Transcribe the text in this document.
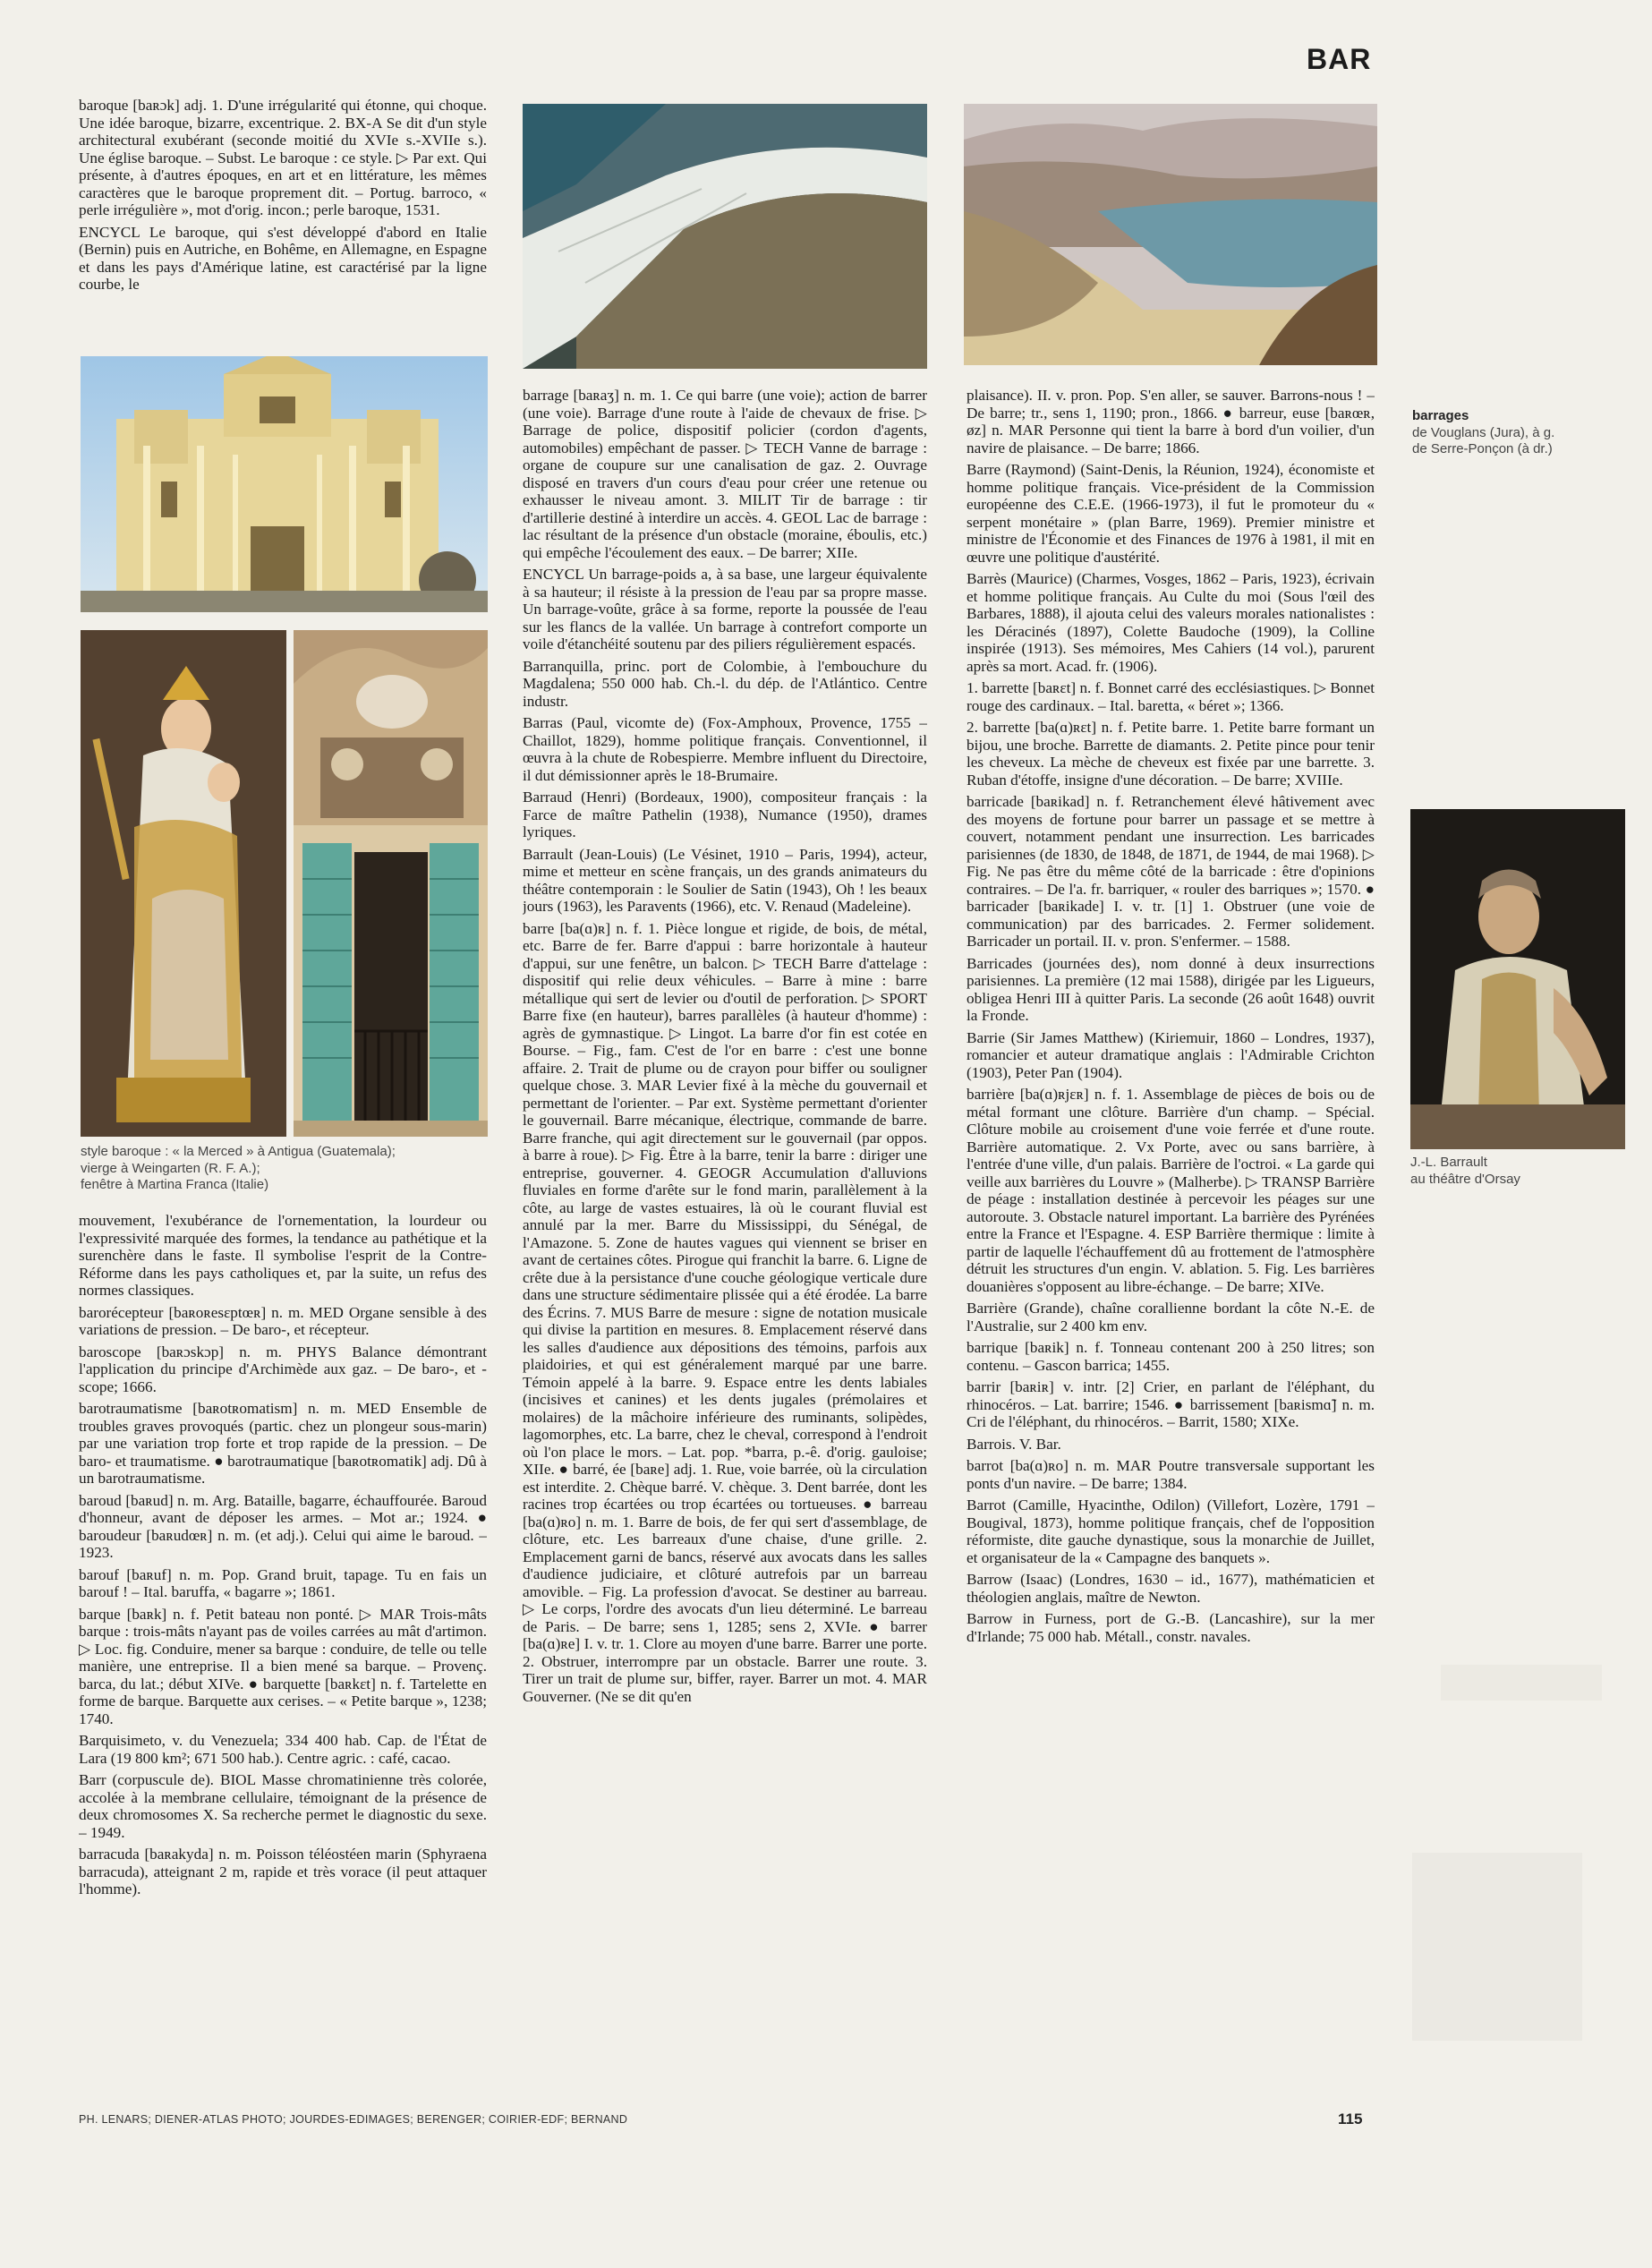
BAR

baroque [baʀɔk] adj. 1. D'une irrégularité qui étonne, qui choque. Une idée baroque, bizarre, excentrique. 2. BX-A Se dit d'un style architectural exubérant (seconde moitié du XVIe s.-XVIIe s.). Une église baroque. – Subst. Le baroque : ce style. ▷ Par ext. Qui présente, à d'autres époques, en art et en littérature, les mêmes caractères que le baroque proprement dit. – Portug. barroco, « perle irrégulière », mot d'orig. incon.; perle baroque, 1531.

ENCYCL Le baroque, qui s'est développé d'abord en Italie (Bernin) puis en Autriche, en Bohême, en Allemagne, en Espagne et dans les pays d'Amérique latine, est caractérisé par la ligne courbe, le

style baroque : « la Merced » à Antigua (Guatemala);
vierge à Weingarten (R. F. A.);
fenêtre à Martina Franca (Italie)

mouvement, l'exubérance de l'ornementation, la lourdeur ou l'expressivité marquée des formes, la tendance au pathétique et la surenchère dans le faste. Il symbolise l'esprit de la Contre-Réforme dans les pays catholiques et, par la suite, un refus des normes classiques.

barorécepteur [baʀoʀesɛptœʀ] n. m. MED Organe sensible à des variations de pression. – De baro-, et récepteur.

baroscope [baʀɔskɔp] n. m. PHYS Balance démontrant l'application du principe d'Archimède aux gaz. – De baro-, et -scope; 1666.

barotraumatisme [baʀotʀomatism] n. m. MED Ensemble de troubles graves provoqués (partic. chez un plongeur sous-marin) par une variation trop forte et trop rapide de la pression. – De baro- et traumatisme. ● barotraumatique [baʀotʀomatik] adj. Dû à un barotraumatisme.

baroud [baʀud] n. m. Arg. Bataille, bagarre, échauffourée. Baroud d'honneur, avant de déposer les armes. – Mot ar.; 1924. ● baroudeur [baʀudœʀ] n. m. (et adj.). Celui qui aime le baroud. – 1923.

barouf [baʀuf] n. m. Pop. Grand bruit, tapage. Tu en fais un barouf ! – Ital. baruffa, « bagarre »; 1861.

barque [baʀk] n. f. Petit bateau non ponté. ▷ MAR Trois-mâts barque : trois-mâts n'ayant pas de voiles carrées au mât d'artimon. ▷ Loc. fig. Conduire, mener sa barque : conduire, de telle ou telle manière, une entreprise. Il a bien mené sa barque. – Provenç. barca, du lat.; début XIVe. ● barquette [baʀkɛt] n. f. Tartelette en forme de barque. Barquette aux cerises. – « Petite barque », 1238; 1740.

Barquisimeto, v. du Venezuela; 334 400 hab. Cap. de l'État de Lara (19 800 km²; 671 500 hab.). Centre agric. : café, cacao.

Barr (corpuscule de). BIOL Masse chromatinienne très colorée, accolée à la membrane cellulaire, témoignant de la présence de deux chromosomes X. Sa recherche permet le diagnostic du sexe. – 1949.

barracuda [baʀakyda] n. m. Poisson téléostéen marin (Sphyraena barracuda), atteignant 2 m, rapide et très vorace (il peut attaquer l'homme).

barrages
de Vouglans (Jura), à g.
de Serre-Ponçon (à dr.)

barrage [baʀaʒ] n. m. 1. Ce qui barre (une voie); action de barrer (une voie). Barrage d'une route à l'aide de chevaux de frise. ▷ Barrage de police, dispositif policier (cordon d'agents, automobiles) empêchant de passer. ▷ TECH Vanne de barrage : organe de coupure sur une canalisation de gaz. 2. Ouvrage disposé en travers d'un cours d'eau pour créer une retenue ou exhausser le niveau amont. 3. MILIT Tir de barrage : tir d'artillerie destiné à interdire un accès. 4. GEOL Lac de barrage : lac résultant de la présence d'un obstacle (moraine, éboulis, etc.) qui empêche l'écoulement des eaux. – De barrer; XIIe.

ENCYCL Un barrage-poids a, à sa base, une largeur équivalente à sa hauteur; il résiste à la pression de l'eau par sa propre masse. Un barrage-voûte, grâce à sa forme, reporte la poussée de l'eau sur les flancs de la vallée. Un barrage à contrefort comporte un voile d'étanchéité soutenu par des piliers régulièrement espacés.

Barranquilla, princ. port de Colombie, à l'embouchure du Magdalena; 550 000 hab. Ch.-l. du dép. de l'Atlántico. Centre industr.

Barras (Paul, vicomte de) (Fox-Amphoux, Provence, 1755 – Chaillot, 1829), homme politique français. Conventionnel, il œuvra à la chute de Robespierre. Membre influent du Directoire, il dut démissionner après le 18-Brumaire.

Barraud (Henri) (Bordeaux, 1900), compositeur français : la Farce de maître Pathelin (1938), Numance (1950), drames lyriques.

Barrault (Jean-Louis) (Le Vésinet, 1910 – Paris, 1994), acteur, mime et metteur en scène français, un des grands animateurs du théâtre contemporain : le Soulier de Satin (1943), Oh ! les beaux jours (1963), les Paravents (1966), etc. V. Renaud (Madeleine).

barre [ba(ɑ)ʀ] n. f. 1. Pièce longue et rigide, de bois, de métal, etc. Barre de fer. Barre d'appui : barre horizontale à hauteur d'appui, sur une fenêtre, un balcon. ▷ TECH Barre d'attelage : dispositif qui relie deux véhicules. – Barre à mine : barre métallique qui sert de levier ou d'outil de perforation. ▷ SPORT Barre fixe (en hauteur), barres parallèles (à hauteur d'homme) : agrès de gymnastique. ▷ Lingot. La barre d'or fin est cotée en Bourse. – Fig., fam. C'est de l'or en barre : c'est une bonne affaire. 2. Trait de plume ou de crayon pour biffer ou souligner quelque chose. 3. MAR Levier fixé à la mèche du gouvernail et permettant de l'orienter. – Par ext. Système permettant d'orienter le gouvernail. Barre mécanique, électrique, commande de barre. Barre franche, qui agit directement sur le gouvernail (par oppos. à barre à roue). ▷ Fig. Être à la barre, tenir la barre : diriger une entreprise, gouverner. 4. GEOGR Accumulation d'alluvions fluviales en forme d'arête sur le fond marin, parallèlement à la côte, au large de vastes estuaires, là où le courant fluvial est annulé par la mer. Barre du Mississippi, du Sénégal, de l'Amazone. 5. Zone de hautes vagues qui viennent se briser en avant de certaines côtes. Pirogue qui franchit la barre. 6. Ligne de crête due à la persistance d'une couche géologique verticale dure dans une structure sédimentaire plissée qui a été érodée. La barre des Écrins. 7. MUS Barre de mesure : signe de notation musicale qui divise la partition en mesures. 8. Emplacement réservé dans les salles d'audience aux dépositions des témoins, parfois aux plaidoiries, et qui est généralement marqué par une barre. Témoin appelé à la barre. 9. Espace entre les dents labiales (incisives et canines) et les dents jugales (prémolaires et molaires) de la mâchoire inférieure des ruminants, solipèdes, lagomorphes, etc. La barre, chez le cheval, correspond à l'endroit où l'on place le mors. – Lat. pop. *barra, p.-ê. d'orig. gauloise; XIIe. ● barré, ée [baʀe] adj. 1. Rue, voie barrée, où la circulation est interdite. 2. Chèque barré. V. chèque. 3. Dent barrée, dont les racines trop écartées ou trop écartées ou tortueuses. ● barreau [ba(ɑ)ʀo] n. m. 1. Barre de bois, de fer qui sert d'assemblage, de clôture, etc. Les barreaux d'une chaise, d'une grille. 2. Emplacement garni de bancs, réservé aux avocats dans les salles d'audience judiciaire, et clôturé autrefois par un barreau amovible. – Fig. La profession d'avocat. Se destiner au barreau. ▷ Le corps, l'ordre des avocats d'un lieu déterminé. Le barreau de Paris. – De barre; sens 1, 1285; sens 2, XVIe. ● barrer [ba(ɑ)ʀe] I. v. tr. 1. Clore au moyen d'une barre. Barrer une porte. 2. Obstruer, interrompre par un obstacle. Barrer une route. 3. Tirer un trait de plume sur, biffer, rayer. Barrer un mot. 4. MAR Gouverner. (Ne se dit qu'en

plaisance). II. v. pron. Pop. S'en aller, se sauver. Barrons-nous ! – De barre; tr., sens 1, 1190; pron., 1866. ● barreur, euse [baʀœʀ, øz] n. MAR Personne qui tient la barre à bord d'un voilier, d'un navire de plaisance. – De barre; 1866.

Barre (Raymond) (Saint-Denis, la Réunion, 1924), économiste et homme politique français. Vice-président de la Commission européenne des C.E.E. (1966-1973), il fut le promoteur du « serpent monétaire » (plan Barre, 1969). Premier ministre et ministre de l'Économie et des Finances de 1976 à 1981, il mit en œuvre une politique d'austérité.

Barrès (Maurice) (Charmes, Vosges, 1862 – Paris, 1923), écrivain et homme politique français. Au Culte du moi (Sous l'œil des Barbares, 1888), il ajouta celui des valeurs morales nationalistes : les Déracinés (1897), Colette Baudoche (1909), la Colline inspirée (1913). Ses mémoires, Mes Cahiers (14 vol.), parurent après sa mort. Acad. fr. (1906).

1. barrette [baʀɛt] n. f. Bonnet carré des ecclésiastiques. ▷ Bonnet rouge des cardinaux. – Ital. baretta, « béret »; 1366.

2. barrette [ba(ɑ)ʀɛt] n. f. Petite barre. 1. Petite barre formant un bijou, une broche. Barrette de diamants. 2. Petite pince pour tenir les cheveux. La mèche de cheveux est fixée par une barrette. 3. Ruban d'étoffe, insigne d'une décoration. – De barre; XVIIIe.

barricade [baʀikad] n. f. Retranchement élevé hâtivement avec des moyens de fortune pour barrer un passage et se mettre à couvert, notamment pendant une insurrection. Les barricades parisiennes (de 1830, de 1848, de 1871, de 1944, de mai 1968). ▷ Fig. Ne pas être du même côté de la barricade : être d'opinions contraires. – De l'a. fr. barriquer, « rouler des barriques »; 1570. ● barricader [baʀikade] I. v. tr. [1] 1. Obstruer (une voie de communication) par des barricades. 2. Fermer solidement. Barricader un portail. II. v. pron. S'enfermer. – 1588.

Barricades (journées des), nom donné à deux insurrections parisiennes. La première (12 mai 1588), dirigée par les Ligueurs, obligea Henri III à quitter Paris. La seconde (26 août 1648) ouvrit la Fronde.

Barrie (Sir James Matthew) (Kiriemuir, 1860 – Londres, 1937), romancier et auteur dramatique anglais : l'Admirable Crichton (1903), Peter Pan (1904).

barrière [ba(ɑ)ʀjɛʀ] n. f. 1. Assemblage de pièces de bois ou de métal formant une clôture. Barrière d'un champ. – Spécial. Clôture mobile au croisement d'une voie ferrée et d'une route. Barrière automatique. 2. Vx Porte, avec ou sans barrière, à l'entrée d'une ville, d'un palais. Barrière de l'octroi. « La garde qui veille aux barrières du Louvre » (Malherbe). ▷ TRANSP Barrière de péage : installation destinée à percevoir les péages sur une autoroute. 3. Obstacle naturel important. La barrière des Pyrénées entre la France et l'Espagne. 4. ESP Barrière thermique : limite à partir de laquelle l'échauffement dû au frottement de l'atmosphère détruit les structures d'un engin. V. ablation. 5. Fig. Les barrières douanières s'opposent au libre-échange. – De barre; XIVe.

Barrière (Grande), chaîne corallienne bordant la côte N.-E. de l'Australie, sur 2 400 km env.

barrique [baʀik] n. f. Tonneau contenant 200 à 250 litres; son contenu. – Gascon barrica; 1455.

barrir [baʀiʀ] v. intr. [2] Crier, en parlant de l'éléphant, du rhinocéros. – Lat. barrire; 1546. ● barrissement [baʀismɑ̃] n. m. Cri de l'éléphant, du rhinocéros. – Barrit, 1580; XIXe.

Barrois. V. Bar.

barrot [ba(ɑ)ʀo] n. m. MAR Poutre transversale supportant les ponts d'un navire. – De barre; 1384.

Barrot (Camille, Hyacinthe, Odilon) (Villefort, Lozère, 1791 – Bougival, 1873), homme politique français, chef de l'opposition réformiste, dite gauche dynastique, sous la monarchie de Juillet, et organisateur de la « Campagne des banquets ».

Barrow (Isaac) (Londres, 1630 – id., 1677), mathématicien et théologien anglais, maître de Newton.

Barrow in Furness, port de G.-B. (Lancashire), sur la mer d'Irlande; 75 000 hab. Métall., constr. navales.

J.-L. Barrault
au théâtre d'Orsay
PH. LENARS; DIENER-ATLAS PHOTO; JOURDES-EDIMAGES; BERENGER; COIRIER-EDF; BERNAND	115
